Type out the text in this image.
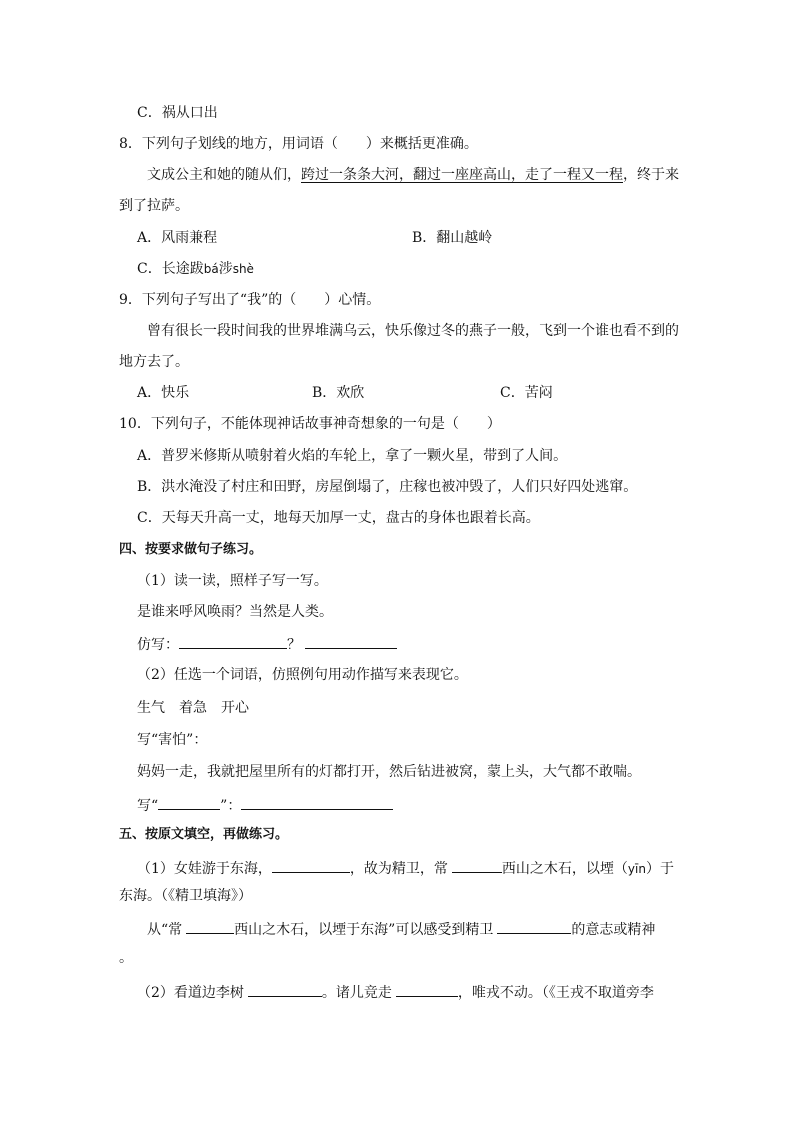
C．祸从口出
8．下列句子划线的地方，用词语（　　）来概括更准确。
文成公主和她的随从们，跨过一条条大河，翻过一座座高山，走了一程又一程，终于来
到了拉萨。
A．风雨兼程	B．翻山越岭
C．长途跋bá涉shè
9．下列句子写出了“我”的（　　）心情。
曾有很长一段时间我的世界堆满乌云，快乐像过冬的燕子一般，飞到一个谁也看不到的
地方去了。
A．快乐	B．欢欣	C．苦闷
10．下列句子，不能体现神话故事神奇想象的一句是（　　）
A．普罗米修斯从喷射着火焰的车轮上，拿了一颗火星，带到了人间。
B．洪水淹没了村庄和田野，房屋倒塌了，庄稼也被冲毁了，人们只好四处逃窜。
C．天每天升高一丈，地每天加厚一丈，盘古的身体也跟着长高。
四、按要求做句子练习。
（1）读一读，照样子写一写。
是谁来呼风唤雨？当然是人类。
仿写：	？
（2）任选一个词语，仿照例句用动作描写来表现它。
生气　着急　开心
写“害怕”：
妈妈一走，我就把屋里所有的灯都打开，然后钻进被窝，蒙上头，大气都不敢喘。
写“	”：
五、按原文填空，再做练习。
（1）女娃游于东海，	，故为精卫，常	西山之木石，以堙（yīn）于
东海。（《精卫填海》）
从“常	西山之木石，以堙于东海”可以感受到精卫	的意志或精神
。
（2）看道边李树	。诸儿竞走	，唯戎不动。（《王戎不取道旁李
